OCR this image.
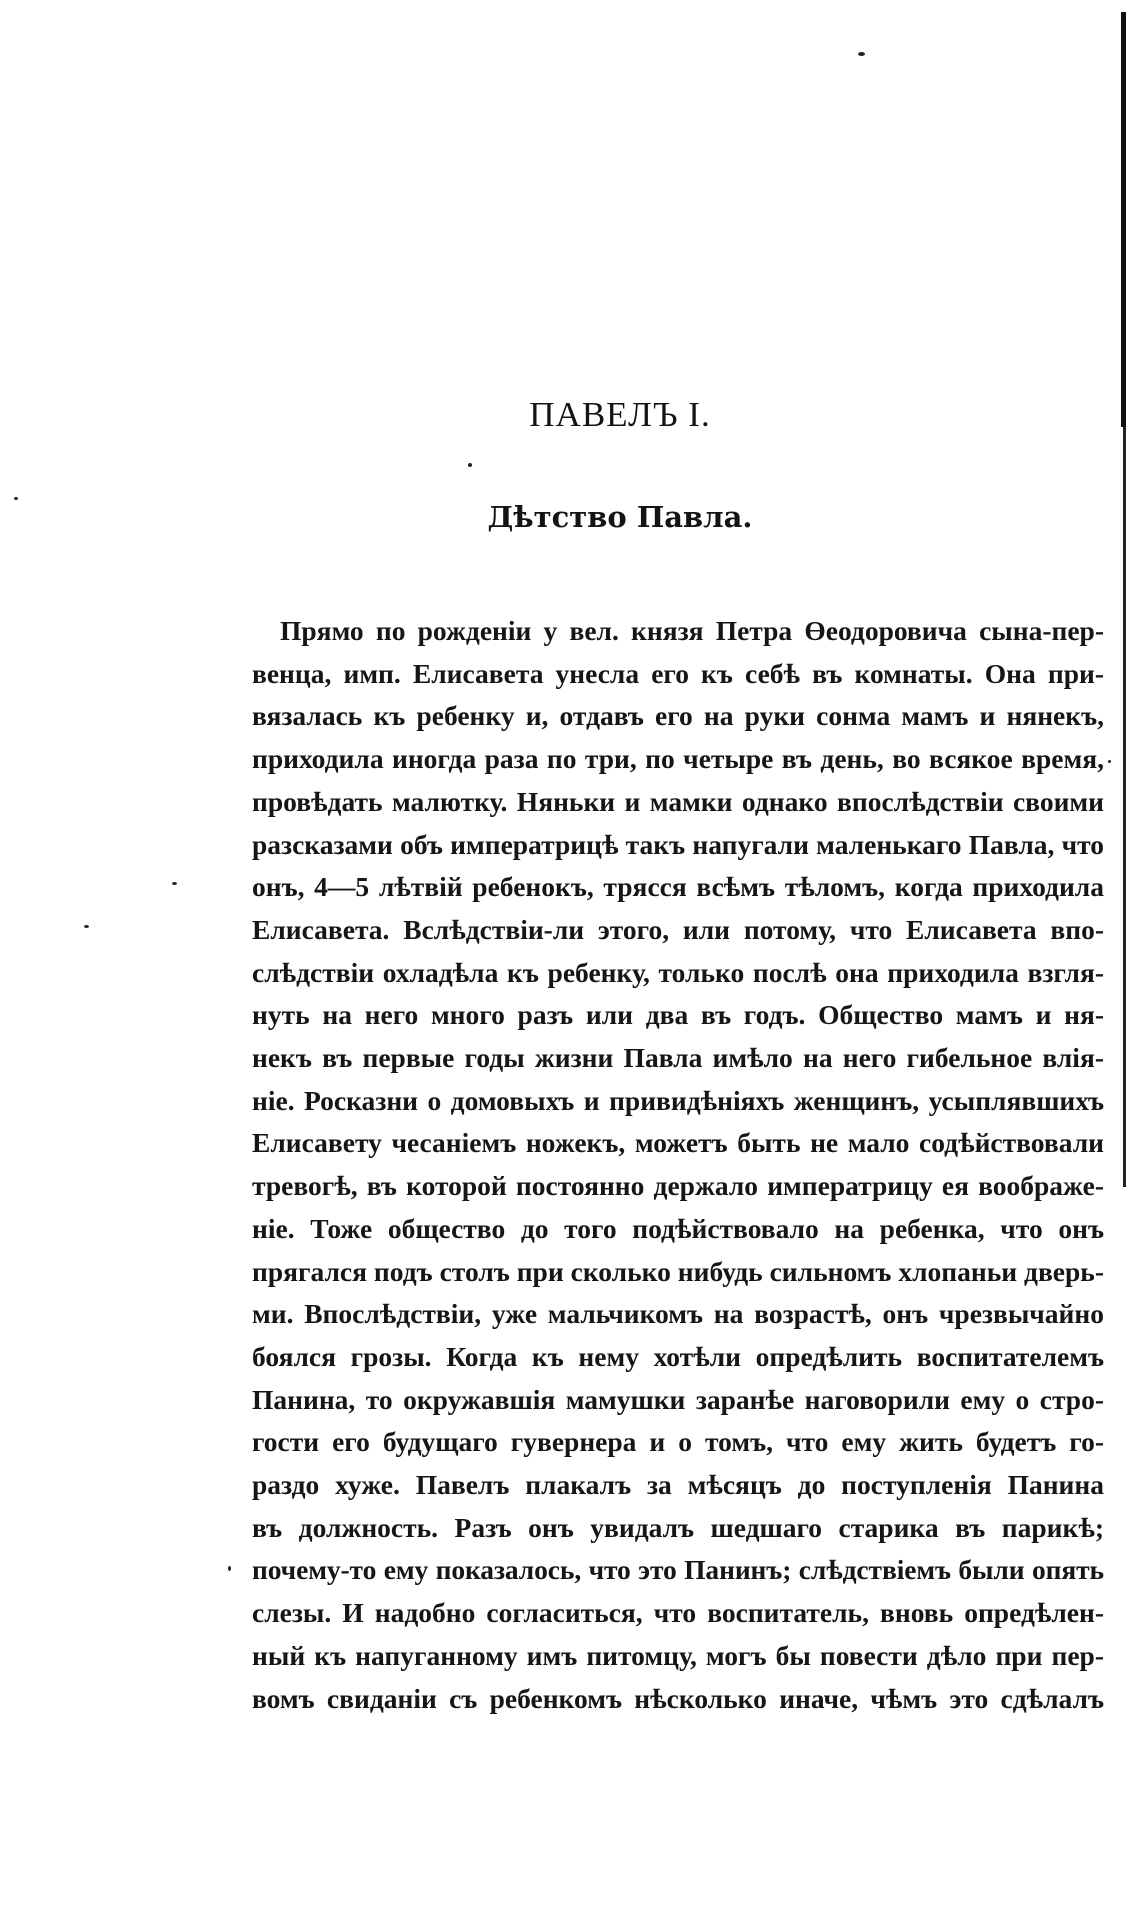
ПАВЕЛЪ I.
Дѣтство Павла.
Прямо по рожденіи у вел. князя Петра Өеодоровича сына-пер-
венца, имп. Елисавета унесла его къ себѣ въ комнаты. Она при-
вязалась къ ребенку и, отдавъ его на руки сонма мамъ и нянекъ,
приходила иногда раза по три, по четыре въ день, во всякое время,
провѣдать малютку. Няньки и мамки однако впослѣдствіи своими
разсказами объ императрицѣ такъ напугали маленькаго Павла, что
онъ, 4—5 лѣтвій ребенокъ, трясся всѣмъ тѣломъ, когда приходила
Елисавета. Вслѣдствіи-ли этого, или потому, что Елисавета впо-
слѣдствіи охладѣла къ ребенку, только послѣ она приходила взгля-
нуть на него много разъ или два въ годъ. Общество мамъ и ня-
некъ въ первые годы жизни Павла имѣло на него гибельное влія-
ніе. Росказни о домовыхъ и привидѣніяхъ женщинъ, усыплявшихъ
Елисавету чесаніемъ ножекъ, можетъ быть не мало содѣйствовали
тревогѣ, въ которой постоянно держало императрицу ея воображе-
ніе. Тоже общество до того подѣйствовало на ребенка, что онъ
прягался подъ столъ при сколько нибудь сильномъ хлопаньи дверь-
ми. Впослѣдствіи, уже мальчикомъ на возрастѣ, онъ чрезвычайно
боялся грозы. Когда къ нему хотѣли опредѣлить воспитателемъ
Панина, то окружавшія мамушки заранѣе наговорили ему о стро-
гости его будущаго гувернера и о томъ, что ему жить будетъ го-
раздо хуже. Павелъ плакалъ за мѣсяцъ до поступленія Панина
въ должность. Разъ онъ увидалъ шедшаго старика въ парикѣ;
почему-то ему показалось, что это Панинъ; слѣдствіемъ были опять
слезы. И надобно согласиться, что воспитатель, вновь опредѣлен-
ный къ напуганному имъ питомцу, могъ бы повести дѣло при пер-
вомъ свиданіи съ ребенкомъ нѣсколько иначе, чѣмъ это сдѣлалъ
